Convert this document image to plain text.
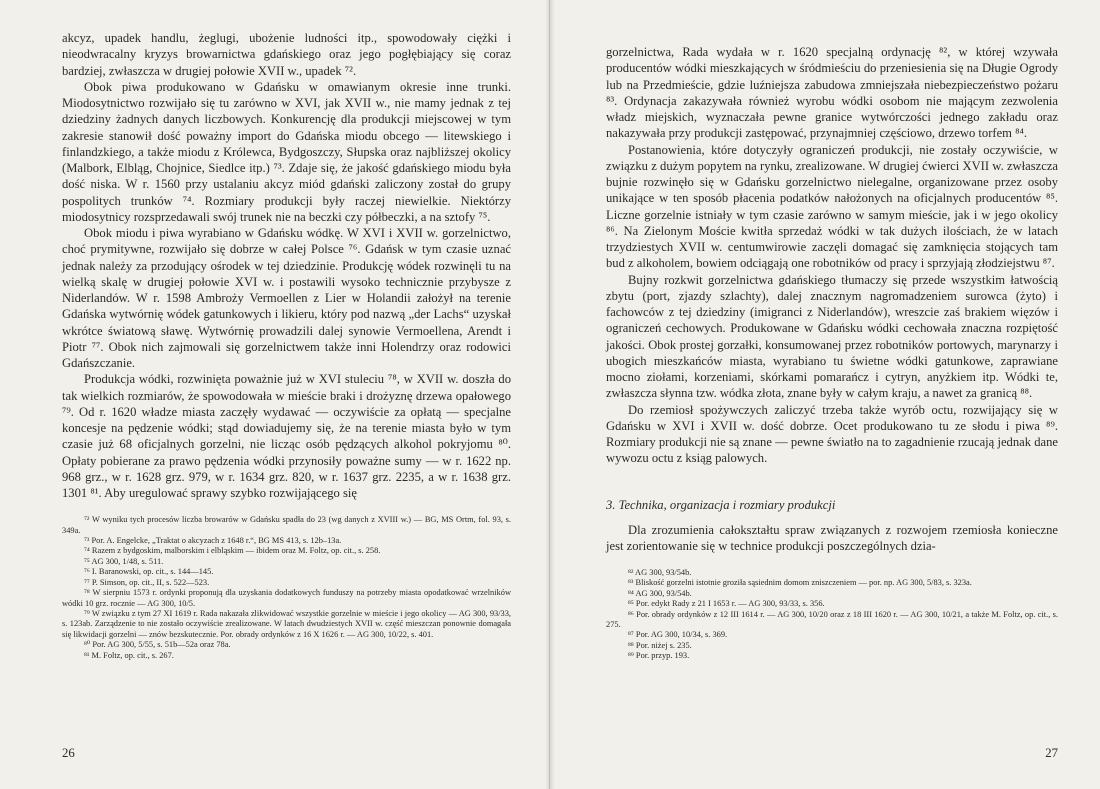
akcyz, upadek handlu, żeglugi, ubożenie ludności itp., spowodowały ciężki i nieodwracalny kryzys browarnictwa gdańskiego oraz jego pogłębiający się coraz bardziej, zwłaszcza w drugiej połowie XVII w., upadek ⁷².

Obok piwa produkowano w Gdańsku w omawianym okresie inne trunki. Miodosytnictwo rozwijało się tu zarówno w XVI, jak XVII w., nie mamy jednak z tej dziedziny żadnych danych liczbowych. Konkurencję dla produkcji miejscowej w tym zakresie stanowił dość poważny import do Gdańska miodu obcego — litewskiego i finlandzkiego, a także miodu z Królewca, Bydgoszczy, Słupska oraz najbliższej okolicy (Malbork, Elbląg, Chojnice, Siedlce itp.) ⁷³. Zdaje się, że jakość gdańskiego miodu była dość niska. W r. 1560 przy ustalaniu akcyz miód gdański zaliczony został do grupy pospolitych trunków ⁷⁴. Rozmiary produkcji były raczej niewielkie. Niektórzy miodosytnicy rozsprzedawali swój trunek nie na beczki czy półbeczki, a na sztofy ⁷⁵.

Obok miodu i piwa wyrabiano w Gdańsku wódkę. W XVI i XVII w. gorzelnictwo, choć prymitywne, rozwijało się dobrze w całej Polsce ⁷⁶. Gdańsk w tym czasie uznać jednak należy za przodujący ośrodek w tej dziedzinie. Produkcję wódek rozwinęli tu na wielką skalę w drugiej połowie XVI w. i postawili wysoko technicznie przybysze z Niderlandów. W r. 1598 Ambroży Vermoellen z Lier w Holandii założył na terenie Gdańska wytwórnię wódek gatunkowych i likieru, który pod nazwą „der Lachs“ uzyskał wkrótce światową sławę. Wytwórnię prowadzili dalej synowie Vermoellena, Arendt i Piotr ⁷⁷. Obok nich zajmowali się gorzelnictwem także inni Holendrzy oraz rodowici Gdańszczanie.

Produkcja wódki, rozwinięta poważnie już w XVI stuleciu ⁷⁸, w XVII w. doszła do tak wielkich rozmiarów, że spowodowała w mieście braki i drożyznę drzewa opałowego ⁷⁹. Od r. 1620 władze miasta zaczęły wydawać — oczywiście za opłatą — specjalne koncesje na pędzenie wódki; stąd dowiadujemy się, że na terenie miasta było w tym czasie już 68 oficjalnych gorzelni, nie licząc osób pędzących alkohol pokryjomu ⁸⁰. Opłaty pobierane za prawo pędzenia wódki przynosiły poważne sumy — w r. 1622 np. 968 grz., w r. 1628 grz. 979, w r. 1634 grz. 820, w r. 1637 grz. 2235, a w r. 1638 grz. 1301 ⁸¹. Aby uregulować sprawy szybko rozwijającego się

⁷² W wyniku tych procesów liczba browarów w Gdańsku spadła do 23 (wg danych z XVIII w.) — BG, MS Ortm, fol. 93, s. 349a.

⁷³ Por. A. Engelcke, „Traktat o akcyzach z 1648 r.“, BG MS 413, s. 12b–13a.

⁷⁴ Razem z bydgoskim, malborskim i elbląskim — ibidem oraz M. Foltz, op. cit., s. 258.

⁷⁵ AG 300, 1/48, s. 511.

⁷⁶ I. Baranowski, op. cit., s. 144—145.

⁷⁷ P. Simson, op. cit., II, s. 522—523.

⁷⁸ W sierpniu 1573 r. ordynki proponują dla uzyskania dodatkowych funduszy na potrzeby miasta opodatkować wrzelników wódki 10 grz. rocznie — AG 300, 10/5.

⁷⁹ W związku z tym 27 XI 1619 r. Rada nakazała zlikwidować wszystkie gorzelnie w mieście i jego okolicy — AG 300, 93/33, s. 123ab. Zarządzenie to nie zostało oczywiście zrealizowane. W latach dwudziestych XVII w. część mieszczan ponownie domagała się likwidacji gorzelni — znów bezskutecznie. Por. obrady ordynków z 16 X 1626 r. — AG 300, 10/22, s. 401.

⁸⁰ Por. AG 300, 5/55, s. 51b—52a oraz 78a.

⁸¹ M. Foltz, op. cit., s. 267.

26

gorzelnictwa, Rada wydała w r. 1620 specjalną ordynację ⁸², w której wzywała producentów wódki mieszkających w śródmieściu do przeniesienia się na Długie Ogrody lub na Przedmieście, gdzie luźniejsza zabudowa zmniejszała niebezpieczeństwo pożaru ⁸³. Ordynacja zakazywała również wyrobu wódki osobom nie mającym zezwolenia władz miejskich, wyznaczała pewne granice wytwórczości jednego zakładu oraz nakazywała przy produkcji zastępować, przynajmniej częściowo, drzewo torfem ⁸⁴.

Postanowienia, które dotyczyły ograniczeń produkcji, nie zostały oczywiście, w związku z dużym popytem na rynku, zrealizowane. W drugiej ćwierci XVII w. zwłaszcza bujnie rozwinęło się w Gdańsku gorzelnictwo nielegalne, organizowane przez osoby unikające w ten sposób płacenia podatków nałożonych na oficjalnych producentów ⁸⁵. Liczne gorzelnie istniały w tym czasie zarówno w samym mieście, jak i w jego okolicy ⁸⁶. Na Zielonym Moście kwitła sprzedaż wódki w tak dużych ilościach, że w latach trzydziestych XVII w. centumwirowie zaczęli domagać się zamknięcia stojących tam bud z alkoholem, bowiem odciągają one robotników od pracy i sprzyjają złodziejstwu ⁸⁷.

Bujny rozkwit gorzelnictwa gdańskiego tłumaczy się przede wszystkim łatwością zbytu (port, zjazdy szlachty), dalej znacznym nagromadzeniem surowca (żyto) i fachowców z tej dziedziny (imigranci z Niderlandów), wreszcie zaś brakiem więzów i ograniczeń cechowych. Produkowane w Gdańsku wódki cechowała znaczna rozpiętość jakości. Obok prostej gorzałki, konsumowanej przez robotników portowych, marynarzy i ubogich mieszkańców miasta, wyrabiano tu świetne wódki gatunkowe, zaprawiane mocno ziołami, korzeniami, skórkami pomarańcz i cytryn, anyżkiem itp. Wódki te, zwłaszcza słynna tzw. wódka złota, znane były w całym kraju, a nawet za granicą ⁸⁸.

Do rzemiosł spożywczych zaliczyć trzeba także wyrób octu, rozwijający się w Gdańsku w XVI i XVII w. dość dobrze. Ocet produkowano tu ze słodu i piwa ⁸⁹. Rozmiary produkcji nie są znane — pewne światło na to zagadnienie rzucają jednak dane wywozu octu z ksiąg palowych.

3. Technika, organizacja i rozmiary produkcji

Dla zrozumienia całokształtu spraw związanych z rozwojem rzemiosła konieczne jest zorientowanie się w technice produkcji poszczególnych dzia-

⁸² AG 300, 93/54b.

⁸³ Bliskość gorzelni istotnie groziła sąsiednim domom zniszczeniem — por. np. AG 300, 5/83, s. 323a.

⁸⁴ AG 300, 93/54b.

⁸⁵ Por. edykt Rady z 21 I 1653 r. — AG 300, 93/33, s. 356.

⁸⁶ Por. obrady ordynków z 12 III 1614 r. — AG 300, 10/20 oraz z 18 III 1620 r. — AG 300, 10/21, a także M. Foltz, op. cit., s. 275.

⁸⁷ Por. AG 300, 10/34, s. 369.

⁸⁸ Por. niżej s. 235.

⁸⁹ Por. przyp. 193.

27
